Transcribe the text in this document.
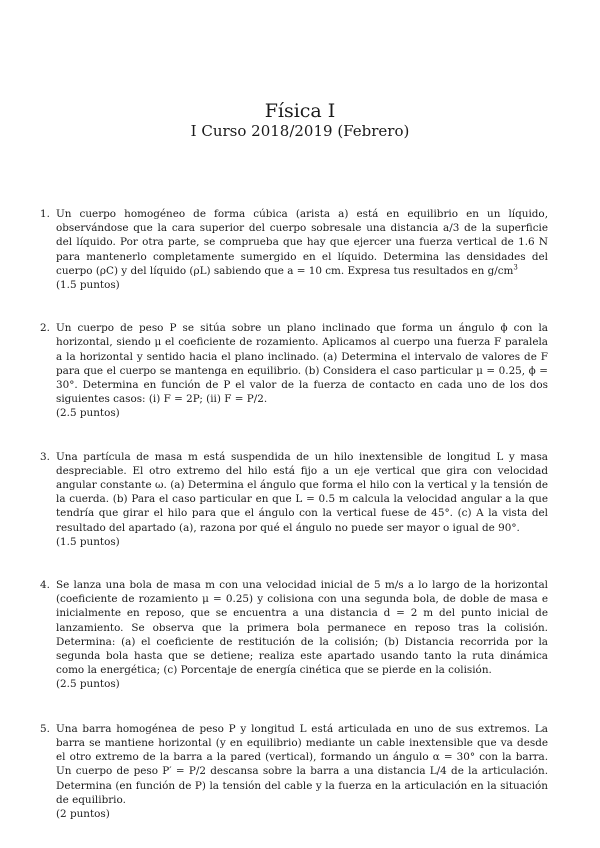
Física I
I Curso 2018/2019 (Febrero)
1. Un cuerpo homogéneo de forma cúbica (arista a) está en equilibrio en un líquido, observándose que la cara superior del cuerpo sobresale una distancia a/3 de la superficie del líquido. Por otra parte, se comprueba que hay que ejercer una fuerza vertical de 1.6 N para mantenerlo completamente sumergido en el líquido. Determina las densidades del cuerpo (ρC) y del líquido (ρL) sabiendo que a = 10 cm. Expresa tus resultados en $g/cm^3$
(1.5 puntos)
2. Un cuerpo de peso P se sitúa sobre un plano inclinado que forma un ángulo ϕ con la horizontal, siendo μ el coeficiente de rozamiento. Aplicamos al cuerpo una fuerza F paralela a la horizontal y sentido hacia el plano inclinado. (a) Determina el intervalo de valores de F para que el cuerpo se mantenga en equilibrio. (b) Considera el caso particular μ = 0.25, ϕ = 30°. Determina en función de P el valor de la fuerza de contacto en cada uno de los dos siguientes casos: (i) F = 2P; (ii) F = P/2.
(2.5 puntos)
3. Una partícula de masa m está suspendida de un hilo inextensible de longitud L y masa despreciable. El otro extremo del hilo está fijo a un eje vertical que gira con velocidad angular constante ω. (a) Determina el ángulo que forma el hilo con la vertical y la tensión de la cuerda. (b) Para el caso particular en que L = 0.5 m calcula la velocidad angular a la que tendría que girar el hilo para que el ángulo con la vertical fuese de 45°. (c) A la vista del resultado del apartado (a), razona por qué el ángulo no puede ser mayor o igual de 90°.
(1.5 puntos)
4. Se lanza una bola de masa m con una velocidad inicial de 5 m/s a lo largo de la horizontal (coeficiente de rozamiento μ = 0.25) y colisiona con una segunda bola, de doble de masa e inicialmente en reposo, que se encuentra a una distancia d = 2 m del punto inicial de lanzamiento. Se observa que la primera bola permanece en reposo tras la colisión. Determina: (a) el coeficiente de restitución de la colisión; (b) Distancia recorrida por la segunda bola hasta que se detiene; realiza este apartado usando tanto la ruta dinámica como la energética; (c) Porcentaje de energía cinética que se pierde en la colisión.
(2.5 puntos)
5. Una barra homogénea de peso P y longitud L está articulada en uno de sus extremos. La barra se mantiene horizontal (y en equilibrio) mediante un cable inextensible que va desde el otro extremo de la barra a la pared (vertical), formando un ángulo α = 30° con la barra. Un cuerpo de peso P′ = P/2 descansa sobre la barra a una distancia L/4 de la articulación. Determina (en función de P) la tensión del cable y la fuerza en la articulación en la situación de equilibrio.
(2 puntos)
